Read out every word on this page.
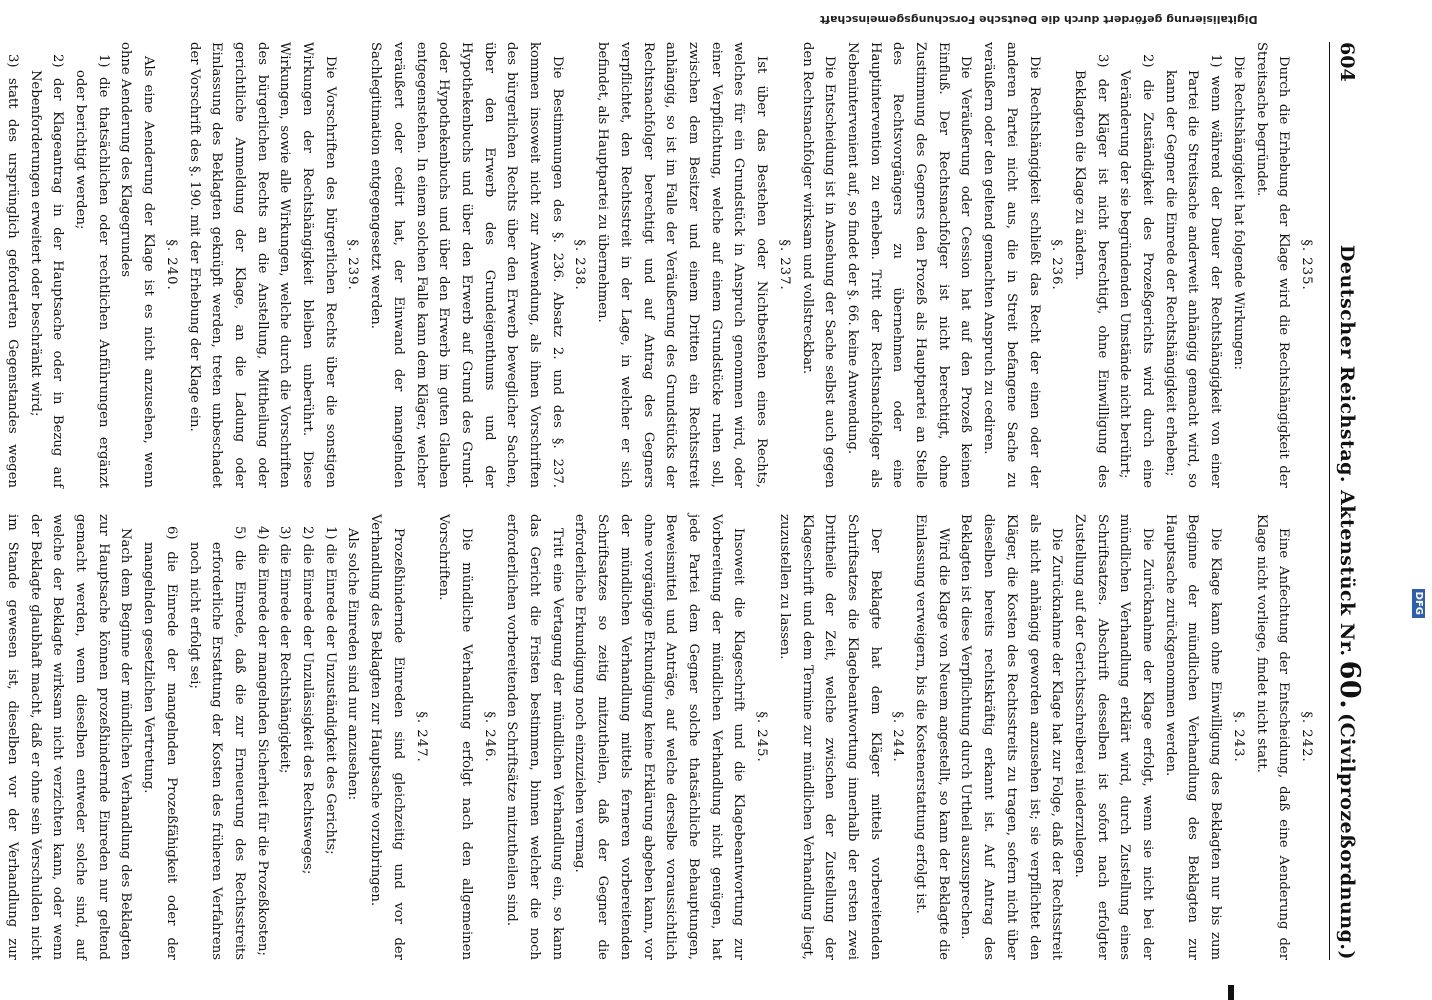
604
Deutscher Reichstag. Aktenstück Nr.60.(Civilprozeßordnung.)

§. 235.

Durch die Erhebung der Klage wird die Rechtshängigkeit der Streitsache begründet.

Die Rechtshängigkeit hat folgende Wirkungen:

1) wenn während der Dauer der Rechtshängigkeit von einer Partei die Streitsache anderweit anhängig gemacht wird, so kann der Gegner die Einrede der Rechtshängigkeit erheben;

2) die Zuständigkeit des Prozeßgerichts wird durch eine Veränderung der sie begründenden Umstände nicht berührt;

3) der Kläger ist nicht berechtigt, ohne Einwilligung des Beklagten die Klage zu ändern.

§. 236.

Die Rechtshängigkeit schließt das Recht der einen oder der anderen Partei nicht aus, die in Streit befangene Sache zu veräußern oder den geltend gemachten Anspruch zu cediren.

Die Veräußerung oder Cession hat auf den Prozeß keinen Einfluß. Der Rechtsnachfolger ist nicht berechtigt, ohne Zustimmung des Gegners den Prozeß als Hauptpartei an Stelle des Rechtsvorgängers zu übernehmen oder eine Hauptintervention zu erheben. Tritt der Rechtsnachfolger als Nebenintervenient auf, so findet der §. 66. keine Anwendung.

Die Entscheidung ist in Ansehung der Sache selbst auch gegen den Rechtsnachfolger wirksam und vollstreckbar.

§. 237.

Ist über das Bestehen oder Nichtbestehen eines Rechts, welches für ein Grundstück in Anspruch genommen wird, oder einer Verpflichtung, welche auf einem Grundstücke ruhen soll, zwischen dem Besitzer und einem Dritten ein Rechtsstreit anhängig, so ist im Falle der Veräußerung des Grundstücks der Rechtsnachfolger berechtigt und auf Antrag des Gegners verpflichtet, den Rechtsstreit in der Lage, in welcher er sich befindet, als Hauptpartei zu übernehmen.

§. 238.

Die Bestimmungen des §. 236. Absatz 2. und des §. 237. kommen insoweit nicht zur Anwendung, als ihnen Vorschriften des bürgerlichen Rechts über den Erwerb beweglicher Sachen, über den Erwerb des Grundeigenthums und der Hypothekenbuchs und über den Erwerb auf Grund des Grund- oder Hypothekenbuchs und über den Erwerb im guten Glauben entgegenstehen. In einem solchen Falle kann dem Kläger, welcher veräußert oder cedirt hat, der Einwand der mangelnden Sachlegitimation entgegengesetzt werden.

§. 239.

Die Vorschriften des bürgerlichen Rechts über die sonstigen Wirkungen der Rechtshängigkeit bleiben unberührt. Diese Wirkungen, sowie alle Wirkungen, welche durch die Vorschriften des bürgerlichen Rechts an die Anstellung, Mittheilung oder gerichtliche Anmeldung der Klage, an die Ladung oder Einlassung des Beklagten geknüpft werden, treten unbeschadet der Vorschrift des §. 190. mit der Erhebung der Klage ein.

§. 240.

Als eine Aenderung der Klage ist es nicht anzusehen, wenn ohne Aenderung des Klagegrundes

1) die thatsächlichen oder rechtlichen Anführungen ergänzt oder berichtigt werden;

2) der Klageantrag in der Hauptsache oder in Bezug auf Nebenforderungen erweitert oder beschränkt wird;

3) statt des ursprünglich geforderten Gegenstandes wegen

§. 242.

Eine Anfechtung der Entscheidung, daß eine Aenderung der Klage nicht vorliege, findet nicht statt.

§. 243.

Die Klage kann ohne Einwilligung des Beklagten nur bis zum Beginne der mündlichen Verhandlung des Beklagten zur Hauptsache zurückgenommen werden.

Die Zurücknahme der Klage erfolgt, wenn sie nicht bei der mündlichen Verhandlung erklärt wird, durch Zustellung eines Schriftsatzes. Abschrift desselben ist sofort nach erfolgter Zustellung auf der Gerichtsschreiberei niederzulegen.

Die Zurücknahme der Klage hat zur Folge, daß der Rechtsstreit als nicht anhängig geworden anzusehen ist; sie verpflichtet den Kläger, die Kosten des Rechtsstreits zu tragen, sofern nicht über dieselben bereits rechtskräftig erkannt ist. Auf Antrag des Beklagten ist diese Verpflichtung durch Urtheil auszusprechen.

Wird die Klage von Neuem angestellt, so kann der Beklagte die Einlassung verweigern, bis die Kostenerstattung erfolgt ist.

§. 244.

Der Beklagte hat dem Kläger mittels vorbereitenden Schriftsatzes die Klagebeantwortung innerhalb der ersten zwei Drittheile der Zeit, welche zwischen der Zustellung der Klageschrift und dem Termine zur mündlichen Verhandlung liegt, zuzustellen zu lassen.

§. 245.

Insoweit die Klageschrift und die Klagebeantwortung zur Vorbereitung der mündlichen Verhandlung nicht genügen, hat jede Partei dem Gegner solche thatsächliche Behauptungen, Beweismittel und Anträge, auf welche derselbe voraussichtlich ohne vorgängige Erkundigung keine Erklärung abgeben kann, vor der mündlichen Verhandlung mittels ferneren vorbereitenden Schriftsatzes so zeitig mitzutheilen, daß der Gegner die erforderliche Erkundigung noch einzuziehen vermag.

Tritt eine Vertagung der mündlichen Verhandlung ein, so kann das Gericht die Fristen bestimmen, binnen welcher die noch erforderlichen vorbereitenden Schriftsätze mitzutheilen sind.

§. 246.

Die mündliche Verhandlung erfolgt nach den allgemeinen Vorschriften.

§. 247.

Prozeßhindernde Einreden sind gleichzeitig und vor der Verhandlung des Beklagten zur Hauptsache vorzubringen.

Als solche Einreden sind nur anzusehen:

1) die Einrede der Unzuständigkeit des Gerichts;

2) die Einrede der Unzulässigkeit des Rechtsweges;

3) die Einrede der Rechtshängigkeit;

4) die Einrede der mangelnden Sicherheit für die Prozeßkosten;

5) die Einrede, daß die zur Erneuerung des Rechtsstreits erforderliche Erstattung der Kosten des früheren Verfahrens noch nicht erfolgt sei;

6) die Einrede der mangelnden Prozeßfähigkeit oder der mangelnden gesetzlichen Vertretung.

Nach dem Beginne der mündlichen Verhandlung des Beklagten zur Hauptsache können prozeßhindernde Einreden nur geltend gemacht werden, wenn dieselben entweder solche sind, auf welche der Beklagte wirksam nicht verzichten kann, oder wenn der Beklagte glaubhaft macht, daß er ohne sein Verschulden nicht im Stande gewesen ist, dieselben vor der Verhandlung zur

Digitalisierung gefördert durch die Deutsche Forschungsgemeinschaft
DFG
